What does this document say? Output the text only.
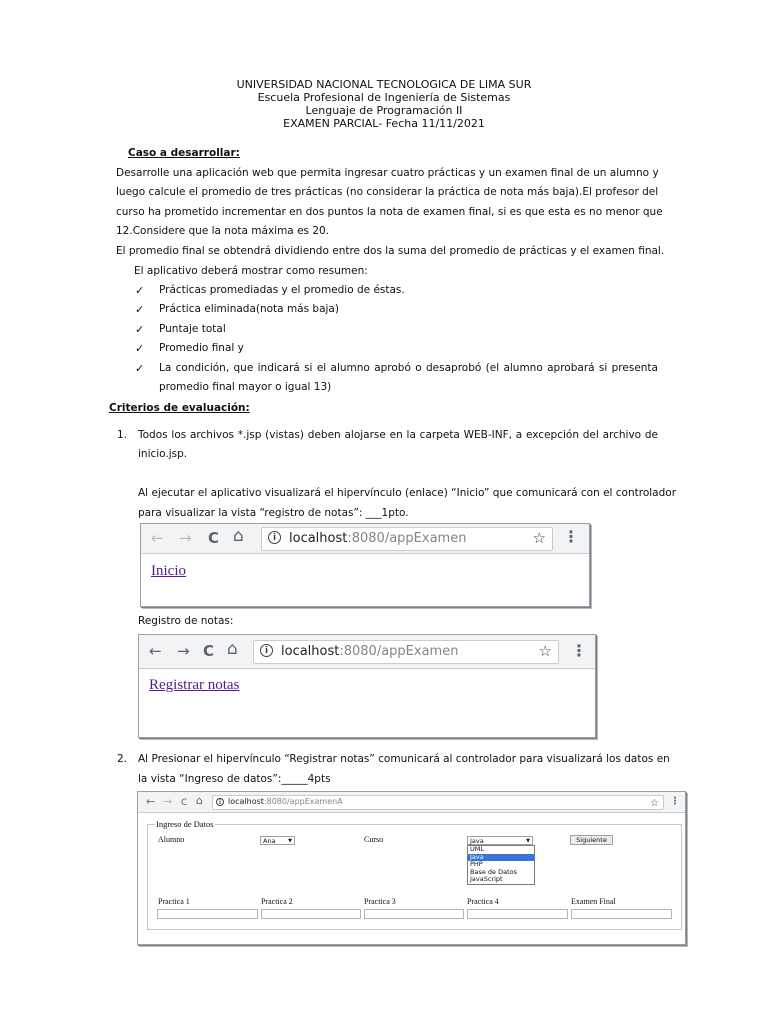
UNIVERSIDAD NACIONAL TECNOLOGICA DE LIMA SUR
Escuela Profesional de Ingeniería de Sistemas
Lenguaje de Programación II
EXAMEN PARCIAL- Fecha 11/11/2021
Caso a desarrollar:
Desarrolle una aplicación web que permita ingresar cuatro prácticas y un examen final de un alumno y
luego calcule el promedio de tres prácticas (no considerar la práctica de nota más baja).El profesor del
curso ha prometido incrementar en dos puntos la nota de examen final, si es que esta es no menor que
12.Considere que la nota máxima es 20.
El promedio final se obtendrá dividiendo entre dos la suma del promedio de prácticas y el examen final.
El aplicativo deberá mostrar como resumen:
✓ Prácticas promediadas y el promedio de éstas.
✓ Práctica eliminada(nota más baja)
✓ Puntaje total
✓ Promedio final y
✓ La condición, que indicará si el alumno aprobó o desaprobó (el alumno aprobará si presenta
promedio final mayor o igual 13)
Criterios de evaluación:
1. Todos los archivos *.jsp (vistas) deben alojarse en la carpeta WEB-INF, a excepción del archivo de
inicio.jsp.
Al ejecutar el aplicativo visualizará el hipervínculo (enlace) “Inicio” que comunicará con el controlador
para visualizar la vista “registro de notas”: ___1pto.
← → C ⌂	i localhost:8080/appExamen	☆ ⋮
Inicio
Registro de notas:
← → C ⌂	i localhost:8080/appExamen	☆ ⋮
Registrar notas
2. Al Presionar el hipervínculo “Registrar notas” comunicará al controlador para visualizará los datos en
la vista “Ingreso de datos”:_____4pts
← → C ⌂	i localhost:8080/appExamenA	☆ ⋮
Ingreso de Datos
Alumno	Ana	▼	Curso	Java	▼
UML
Java
PHP
Base de Datos
JavaScript
Siguiente
Practica 1	Practica 2	Practica 3	Practica 4	Examen Final
